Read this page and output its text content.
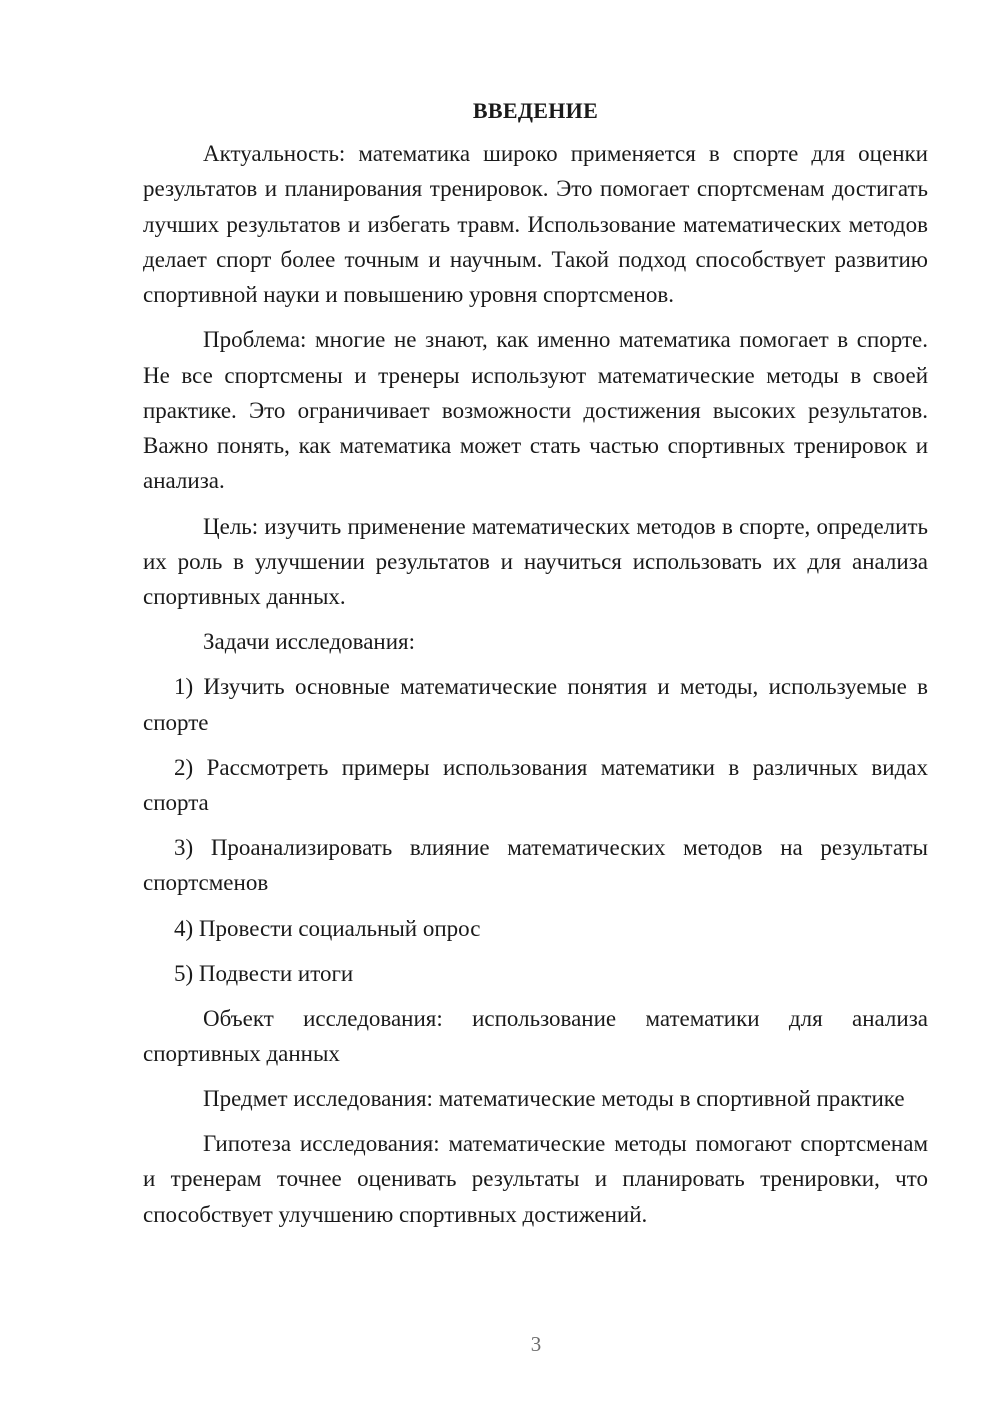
ВВЕДЕНИЕ

Актуальность: математика широко применяется в спорте для оценки результатов и планирования тренировок. Это помогает спортсменам достигать лучших результатов и избегать травм. Использование математических методов делает спорт более точным и научным. Такой подход способствует развитию спортивной науки и повышению уровня спортсменов.

Проблема: многие не знают, как именно математика помогает в спорте. Не все спортсмены и тренеры используют математические методы в своей практике. Это ограничивает возможности достижения высоких результатов. Важно понять, как математика может стать частью спортивных тренировок и анализа.

Цель: изучить применение математических методов в спорте, определить их роль в улучшении результатов и научиться использовать их для анализа спортивных данных.

Задачи исследования:

1) Изучить основные математические понятия и методы, используемые в спорте

2) Рассмотреть примеры использования математики в различных видах спорта

3) Проанализировать влияние математических методов на результаты спортсменов

4) Провести социальный опрос

5) Подвести итоги

Объект исследования: использование математики для анализа спортивных данных

Предмет исследования: математические методы в спортивной практике

Гипотеза исследования: математические методы помогают спортсменам и тренерам точнее оценивать результаты и планировать тренировки, что способствует улучшению спортивных достижений.

3
